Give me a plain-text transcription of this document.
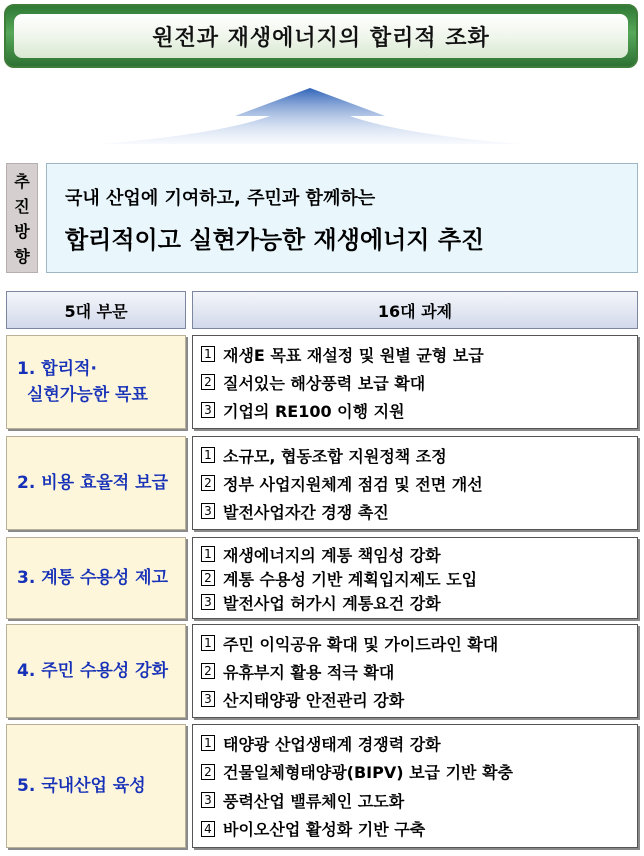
원전과 재생에너지의 합리적 조화
추
진
방
향
국내 산업에 기여하고, 주민과 함께하는
합리적이고 실현가능한 재생에너지 추진
5대 부문	16대 과제
1. 합리적·
실현가능한 목표
1 재생E 목표 재설정 및 원별 균형 보급
2 질서있는 해상풍력 보급 확대
3 기업의 RE100 이행 지원
2. 비용 효율적 보급
1 소규모, 협동조합 지원정책 조정
2 정부 사업지원체계 점검 및 전면 개선
3 발전사업자간 경쟁 촉진
3. 계통 수용성 제고
1 재생에너지의 계통 책임성 강화
2 계통 수용성 기반 계획입지제도 도입
3 발전사업 허가시 계통요건 강화
4. 주민 수용성 강화
1 주민 이익공유 확대 및 가이드라인 확대
2 유휴부지 활용 적극 확대
3 산지태양광 안전관리 강화
5. 국내산업 육성
1 태양광 산업생태계 경쟁력 강화
2 건물일체형태양광(BIPV) 보급 기반 확충
3 풍력산업 밸류체인 고도화
4 바이오산업 활성화 기반 구축
